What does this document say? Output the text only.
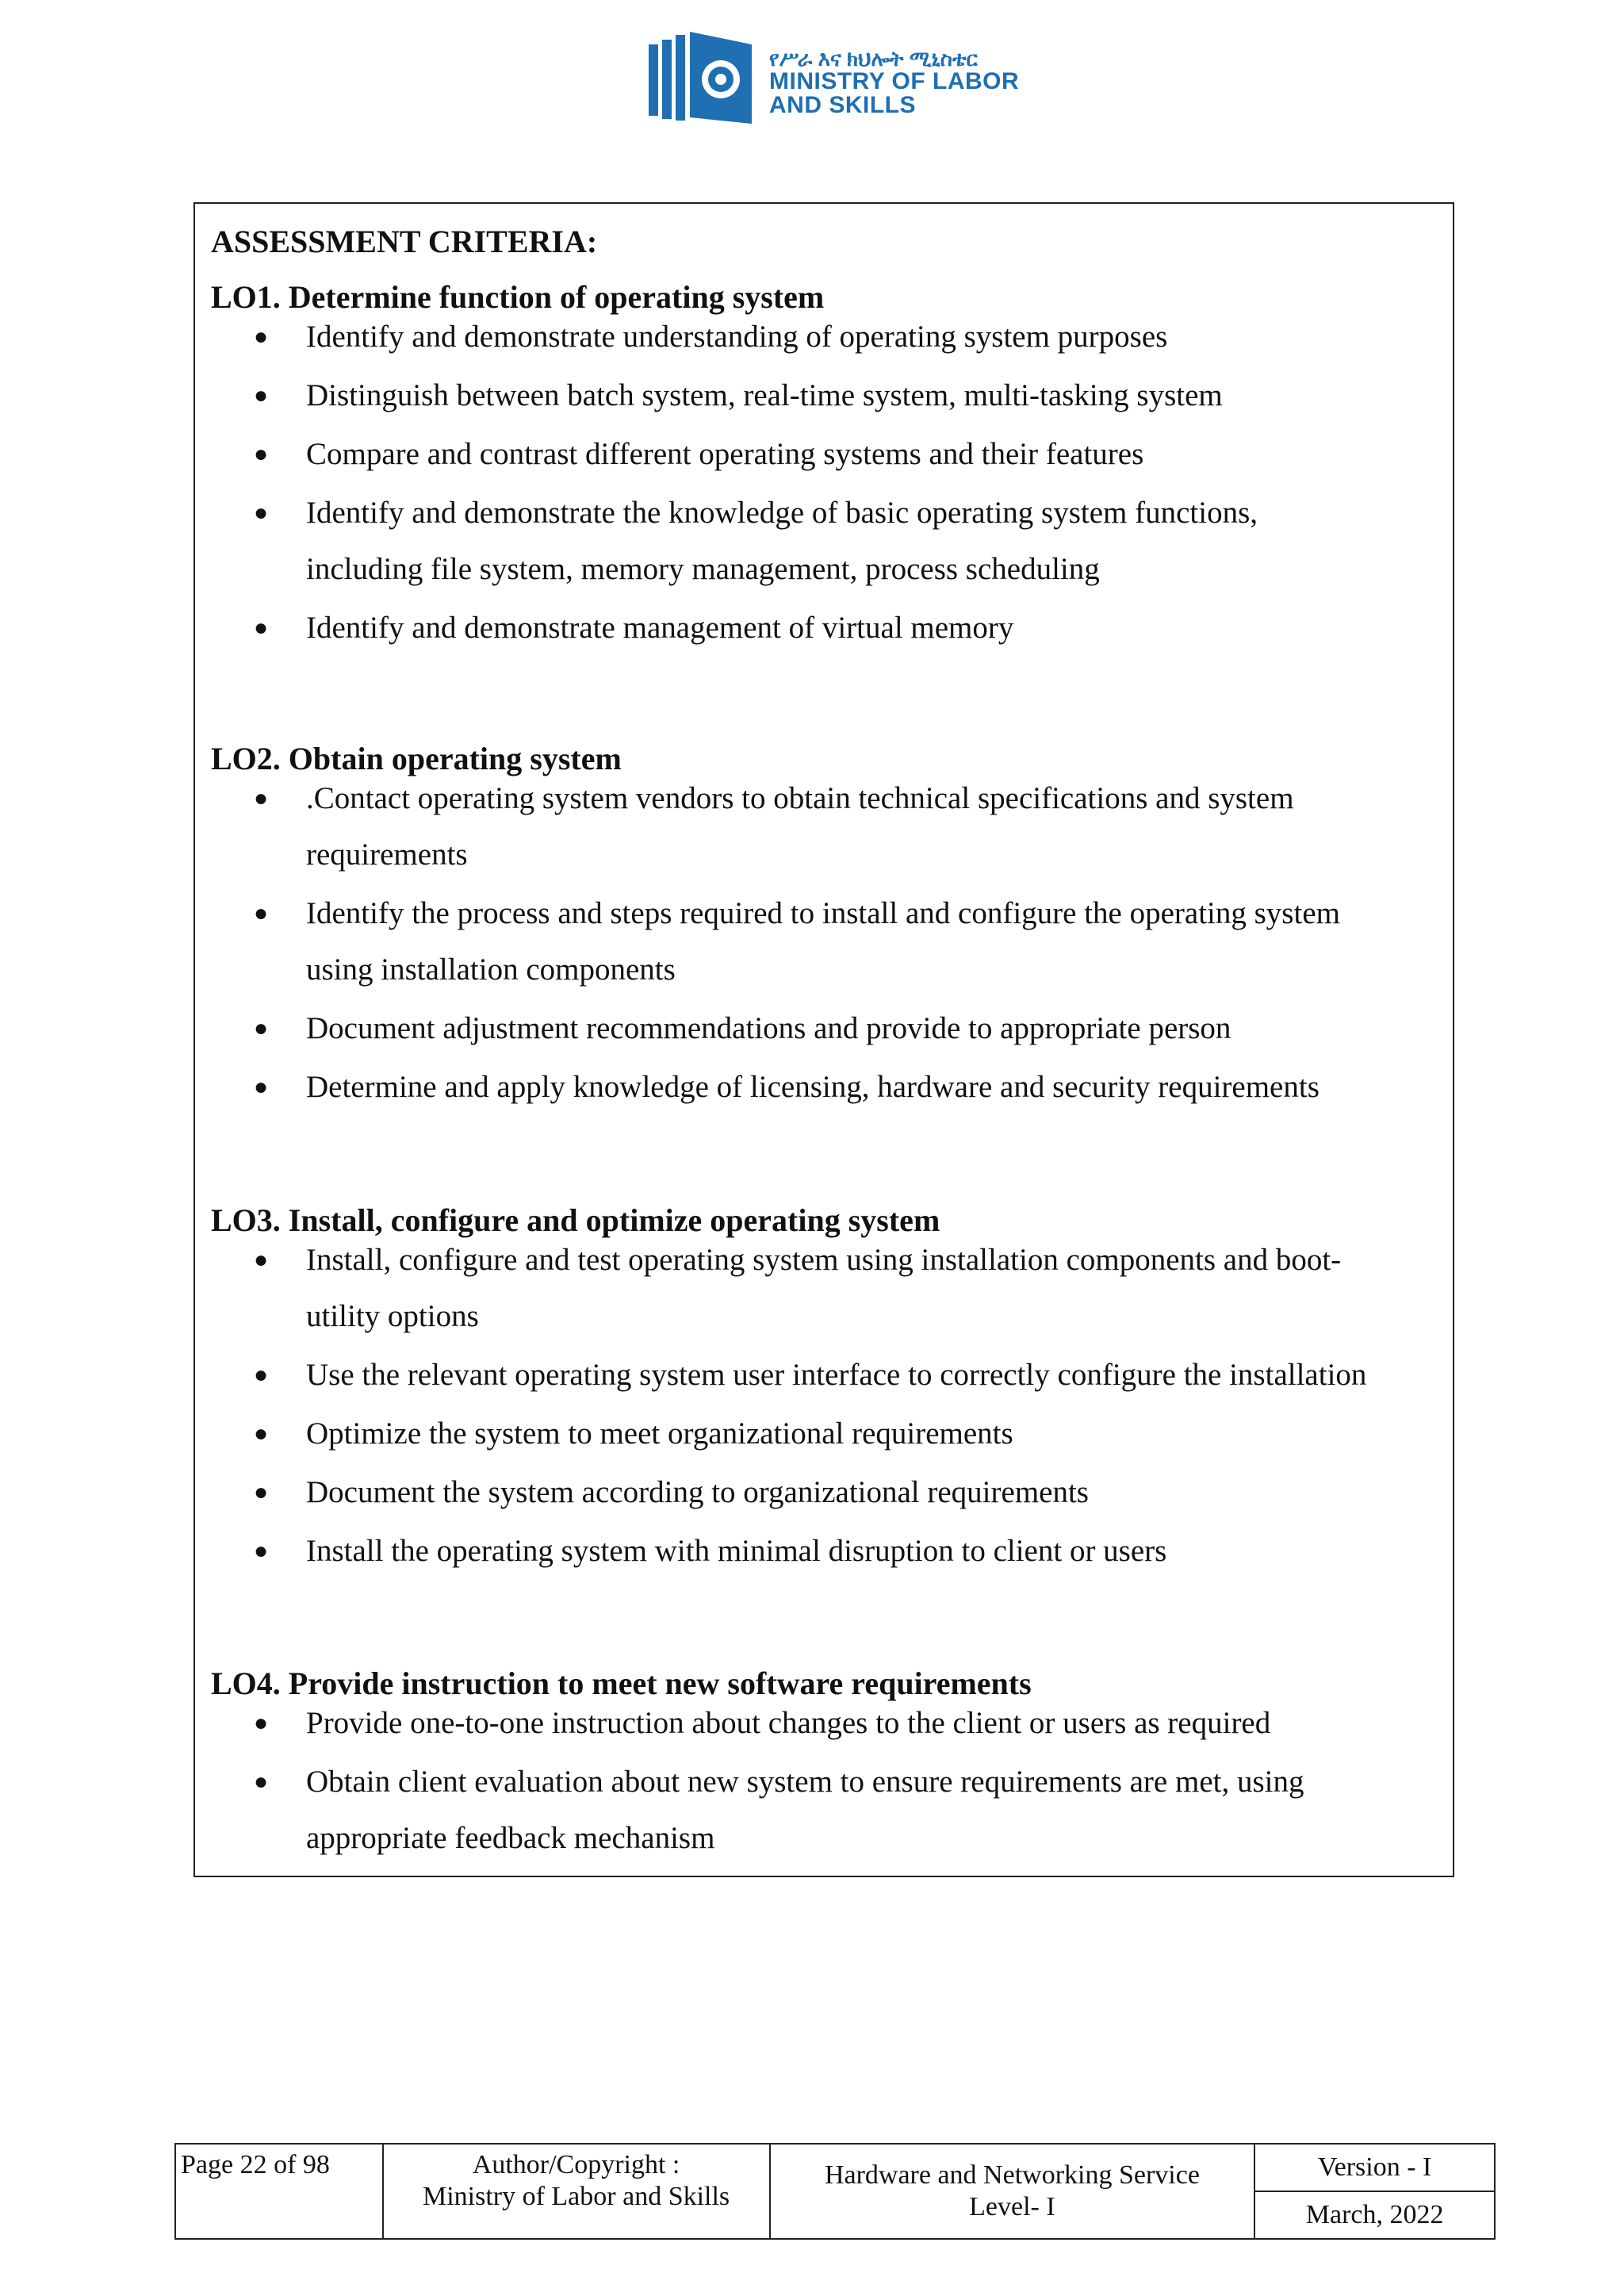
የሥራ እና ክህሎት ሚኒስቴር
MINISTRY OF LABOR
AND SKILLS
ASSESSMENT CRITERIA:
LO1. Determine function of operating system
● Identify and demonstrate understanding of operating system purposes
● Distinguish between batch system, real-time system, multi-tasking system
● Compare and contrast different operating systems and their features
● Identify and demonstrate the knowledge of basic operating system functions,
including file system, memory management, process scheduling
● Identify and demonstrate management of virtual memory
LO2. Obtain operating system
● .Contact operating system vendors to obtain technical specifications and system
requirements
● Identify the process and steps required to install and configure the operating system
using installation components
● Document adjustment recommendations and provide to appropriate person
● Determine and apply knowledge of licensing, hardware and security requirements
LO3. Install, configure and optimize operating system
● Install, configure and test operating system using installation components and boot-
utility options
● Use the relevant operating system user interface to correctly configure the installation
● Optimize the system to meet organizational requirements
● Document the system according to organizational requirements
● Install the operating system with minimal disruption to client or users
LO4. Provide instruction to meet new software requirements
● Provide one-to-one instruction about changes to the client or users as required
● Obtain client evaluation about new system to ensure requirements are met, using
appropriate feedback mechanism
Page 22 of 98	Author/Copyright :
Ministry of Labor and Skills

Hardware and Networking Service
Level- I
	Version - I
March, 2022
